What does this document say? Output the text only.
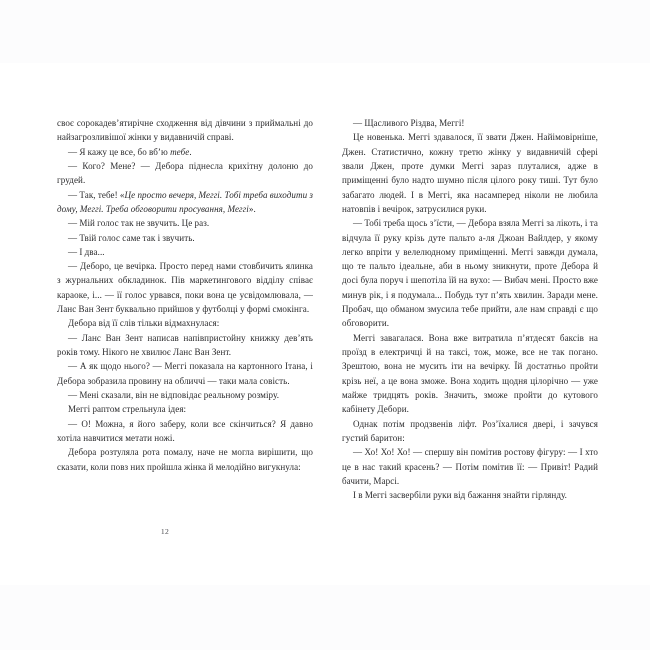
своє сорокадев’ятирічне сходження від дівчини з приймальні до найзагрозливішої жінки у видавничій справі.

— Я кажу це все, бо вб’ю тебе.

— Кого? Мене? — Дебора піднесла крихітну долоню до грудей.

— Так, тебе! «Це просто вечеря, Меггі. Тобі треба виходити з дому, Меггі. Треба обговорити просування, Меггі».

— Мій голос так не звучить. Це раз.

— Твій голос саме так і звучить.

— І два...

— Деборо, це вечірка. Просто перед нами стовбичить ялинка з журнальних обкладинок. Пів маркетингового відділу співає караоке, і... — її голос урвався, поки вона це усвідомлювала, — Ланс Ван Зент буквально прийшов у футболці у формі смокінга.

Дебора від її слів тільки відмахнулася:

— Ланс Ван Зент написав напівпристойну книжку дев’ять років тому. Нікого не хвилює Ланс Ван Зент.

— А як щодо нього? — Меггі показала на картонного Ітана, і Дебора зобразила провину на обличчі — таки мала совість.

— Мені сказали, він не відповідає реальному розміру.

Меггі раптом стрельнула ідея:

— О! Можна, я його заберу, коли все скінчиться? Я давно хотіла навчитися метати ножі.

Дебора розтуляла рота помалу, наче не могла вирішити, що сказати, коли повз них пройшла жінка й мелодійно вигукнула:

— Щасливого Різдва, Меггі!

Це новенька. Меггі здавалося, її звати Джен. Найімовірніше, Джен. Статистично, кожну третю жінку у видавничій сфері звали Джен, проте думки Меггі зараз плуталися, адже в приміщенні було надто шумно після цілого року тиші. Тут було забагато людей. І в Меггі, яка насамперед ніколи не любила натовпів і вечірок, затрусилися руки.

— Тобі треба щось з’їсти, — Дебора взяла Меггі за лікоть, і та відчула її руку крізь дуте пальто а-ля Джоан Вайлдер, у якому легко впріти у велелюдному приміщенні. Меггі завжди думала, що те пальто ідеальне, аби в ньому зникнути, проте Дебора й досі була поруч і шепотіла їй на вухо: — Вибач мені. Просто вже минув рік, і я подумала... Побудь тут п’ять хвилин. Заради мене. Пробач, що обманом змусила тебе прийти, але нам справді є що обговорити.

Меггі завагалася. Вона вже витратила п’ятдесят баксів на проїзд в електричці й на таксі, тож, може, все не так погано. Зрештою, вона не мусить іти на вечірку. Їй достатньо пройти крізь неї, а це вона зможе. Вона ходить щодня цілорічно — уже майже тридцять років. Значить, зможе пройти до кутового кабінету Дебори.

Однак потім продзвенів ліфт. Роз’їхалися двері, і зачувся густий баритон:

— Хо! Хо! Хо! — спершу він помітив ростову фігуру: — І хто це в нас такий красень? — Потім помітив її: — Привіт! Радий бачити, Марсі.

І в Меггі засвербіли руки від бажання знайти гірлянду.

12
